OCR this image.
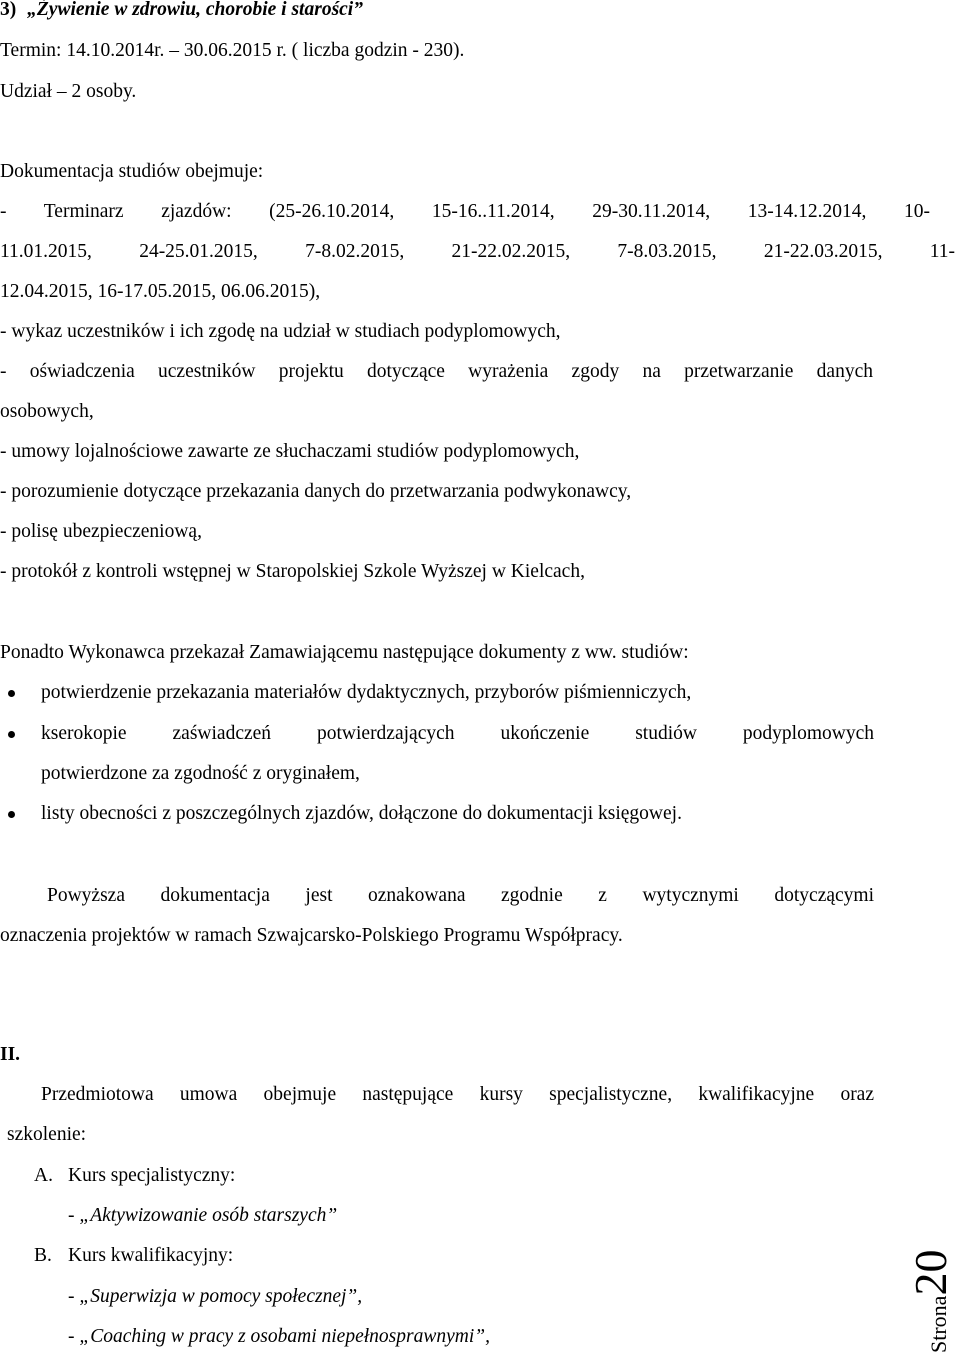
3) „Żywienie w zdrowiu, chorobie i starości”
Termin: 14.10.2014r. – 30.06.2015 r. ( liczba godzin - 230).
Udział – 2 osoby.
Dokumentacja studiów obejmuje:
- Terminarz zjazdów: (25-26.10.2014, 15-16..11.2014, 29-30.11.2014, 13-14.12.2014, 10-
11.01.2015, 24-25.01.2015, 7-8.02.2015, 21-22.02.2015, 7-8.03.2015, 21-22.03.2015, 11-
12.04.2015, 16-17.05.2015, 06.06.2015),
- wykaz uczestników i ich zgodę na udział w studiach podyplomowych,
- oświadczenia uczestników projektu dotyczące wyrażenia zgody na przetwarzanie danych
osobowych,
- umowy lojalnościowe zawarte ze słuchaczami studiów podyplomowych,
- porozumienie dotyczące przekazania danych do przetwarzania podwykonawcy,
- polisę ubezpieczeniową,
- protokół z kontroli wstępnej w Staropolskiej Szkole Wyższej w Kielcach,
Ponadto Wykonawca przekazał Zamawiającemu następujące dokumenty z ww. studiów:
potwierdzenie przekazania materiałów dydaktycznych, przyborów piśmienniczych,
kserokopie zaświadczeń potwierdzających ukończenie studiów podyplomowych
potwierdzone za zgodność z oryginałem,
listy obecności z poszczególnych zjazdów, dołączone do dokumentacji księgowej.
Powyższa dokumentacja jest oznakowana zgodnie z wytycznymi dotyczącymi
oznaczenia projektów w ramach Szwajcarsko-Polskiego Programu Współpracy.
II.
Przedmiotowa umowa obejmuje następujące kursy specjalistyczne, kwalifikacyjne oraz
szkolenie:
A. Kurs specjalistyczny:
- „Aktywizowanie osób starszych”
B. Kurs kwalifikacyjny:
- „Superwizja w pomocy społecznej”,
- „Coaching w pracy z osobami niepełnosprawnymi”,	Strona20
